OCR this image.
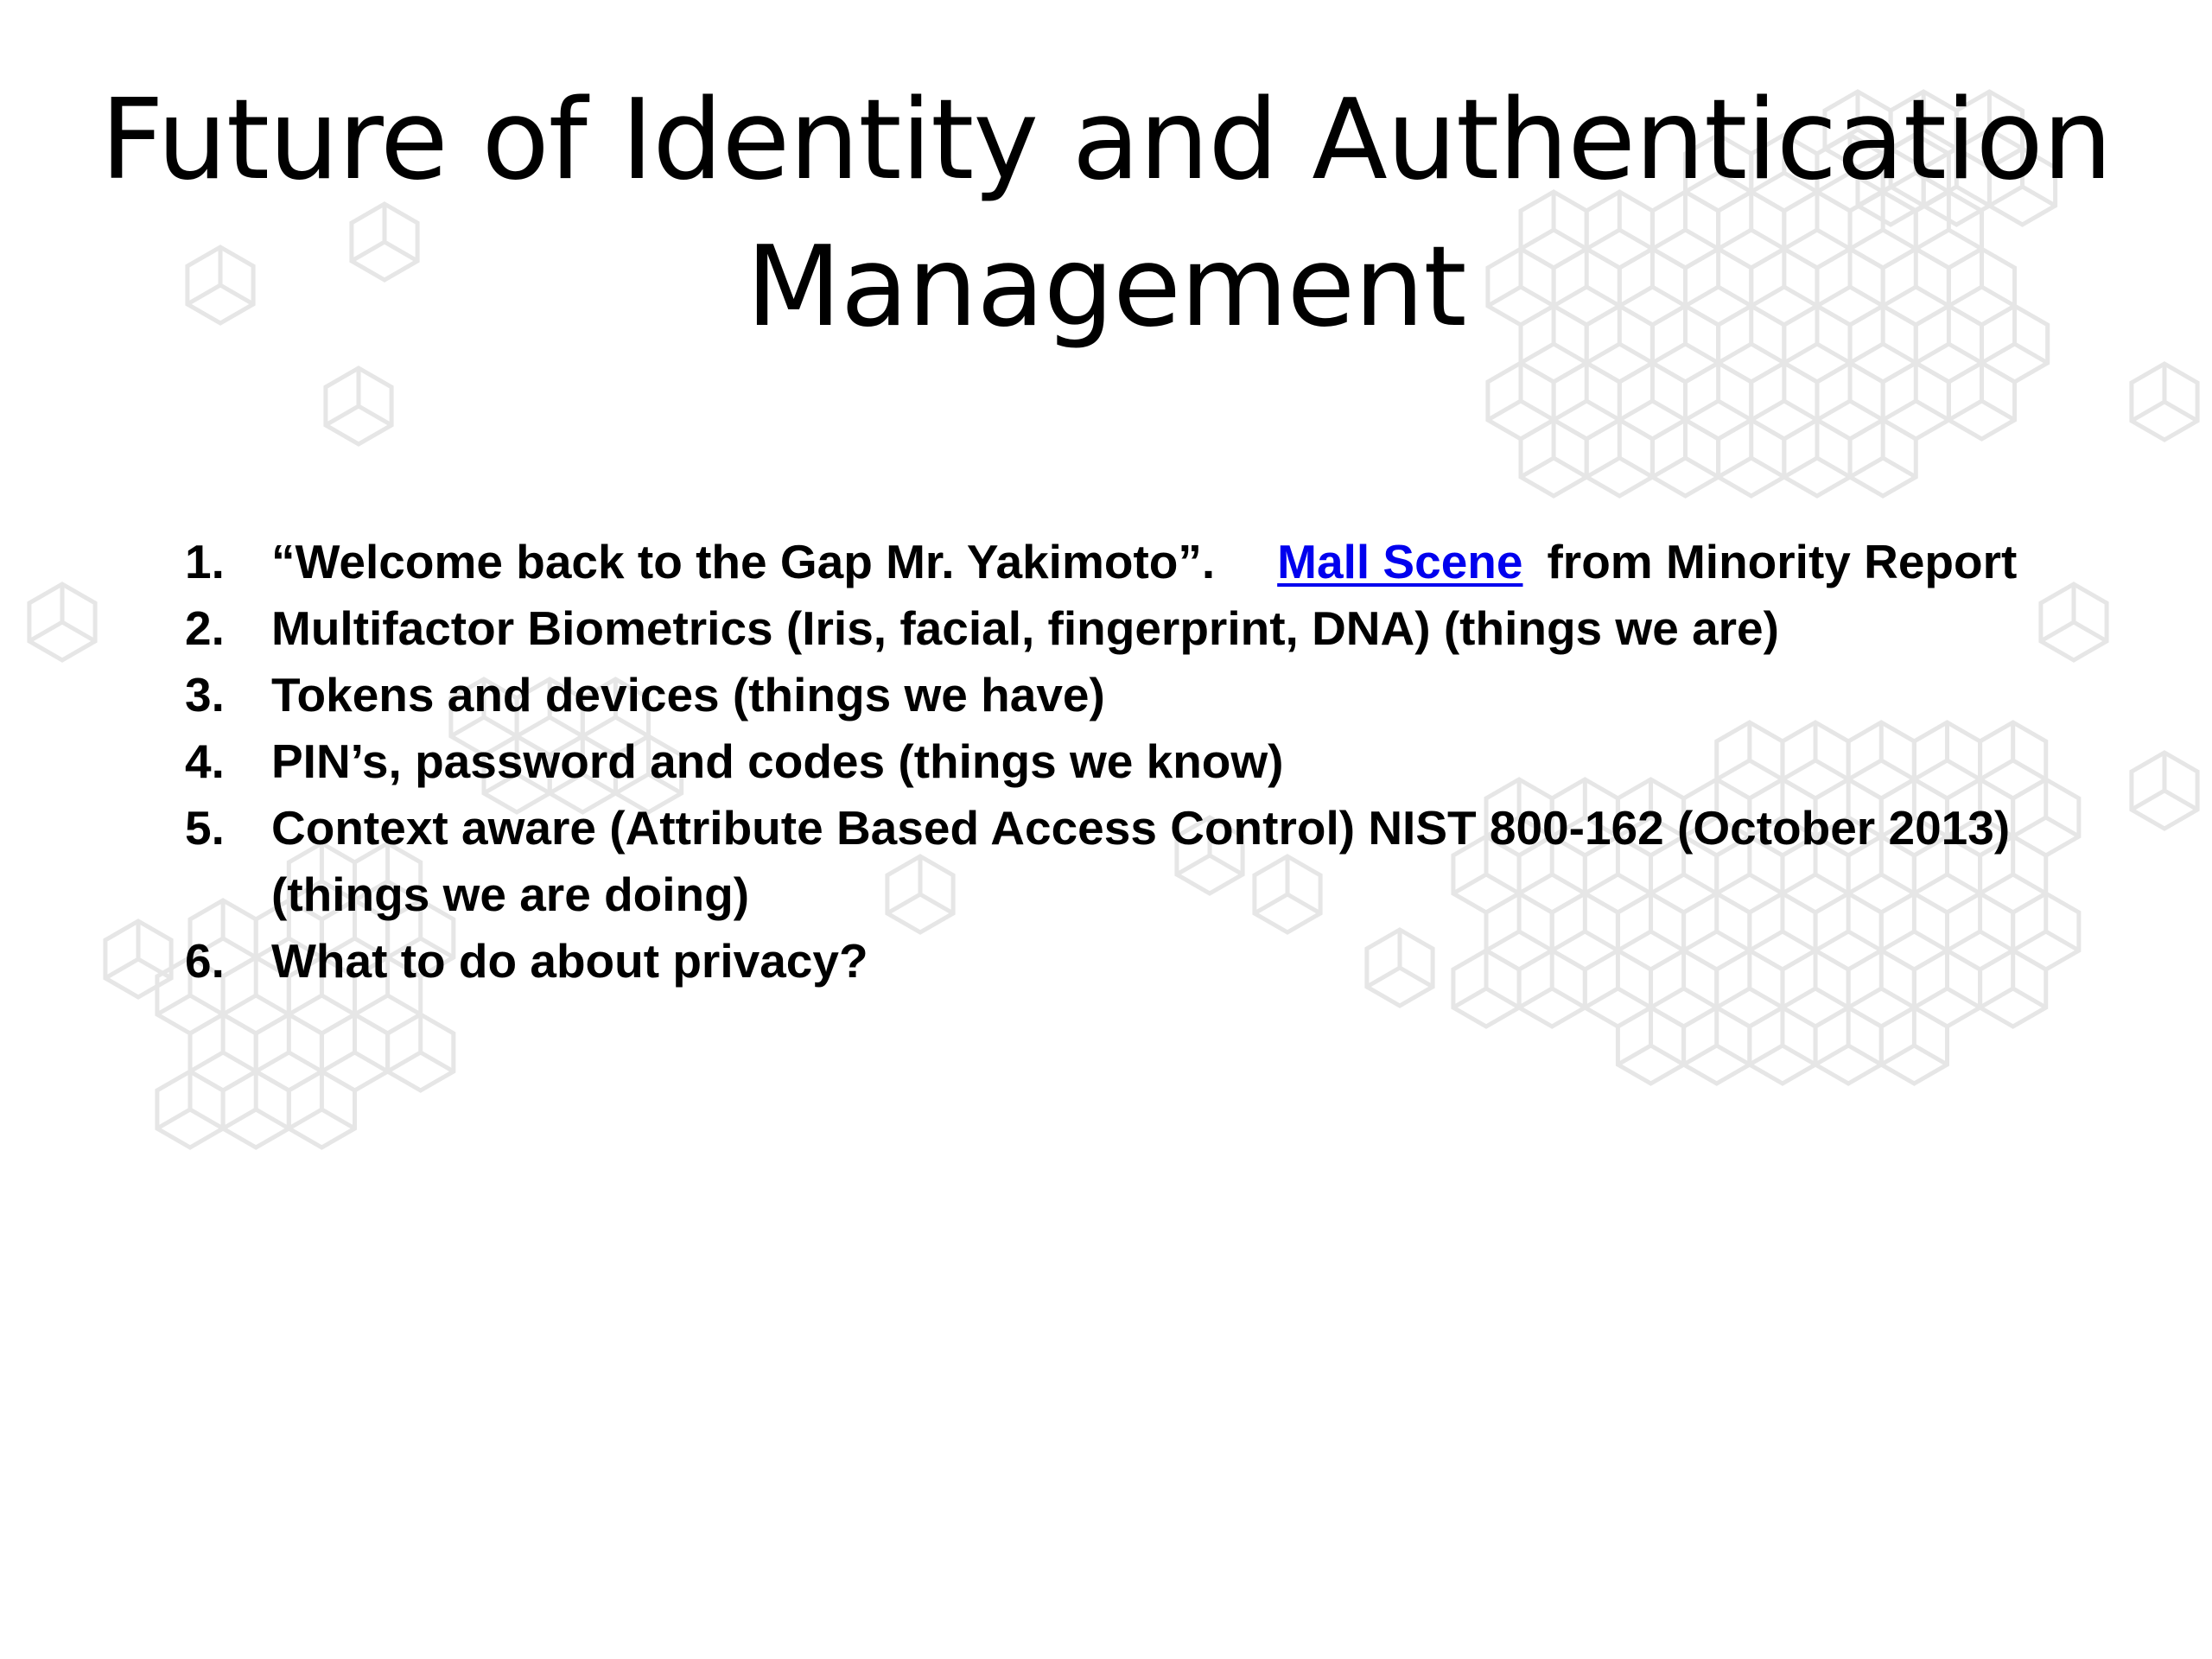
Future of Identity and Authentication
Management
1. “Welcome back to the Gap Mr. Yakimoto”. Mall Scene from Minority Report
2. Multifactor Biometrics (Iris, facial, fingerprint, DNA) (things we are)
3. Tokens and devices (things we have)
4. PIN’s, password and codes (things we know)
5. Context aware (Attribute Based Access Control) NIST 800-162 (October 2013)
(things we are doing)
6. What to do about privacy?
